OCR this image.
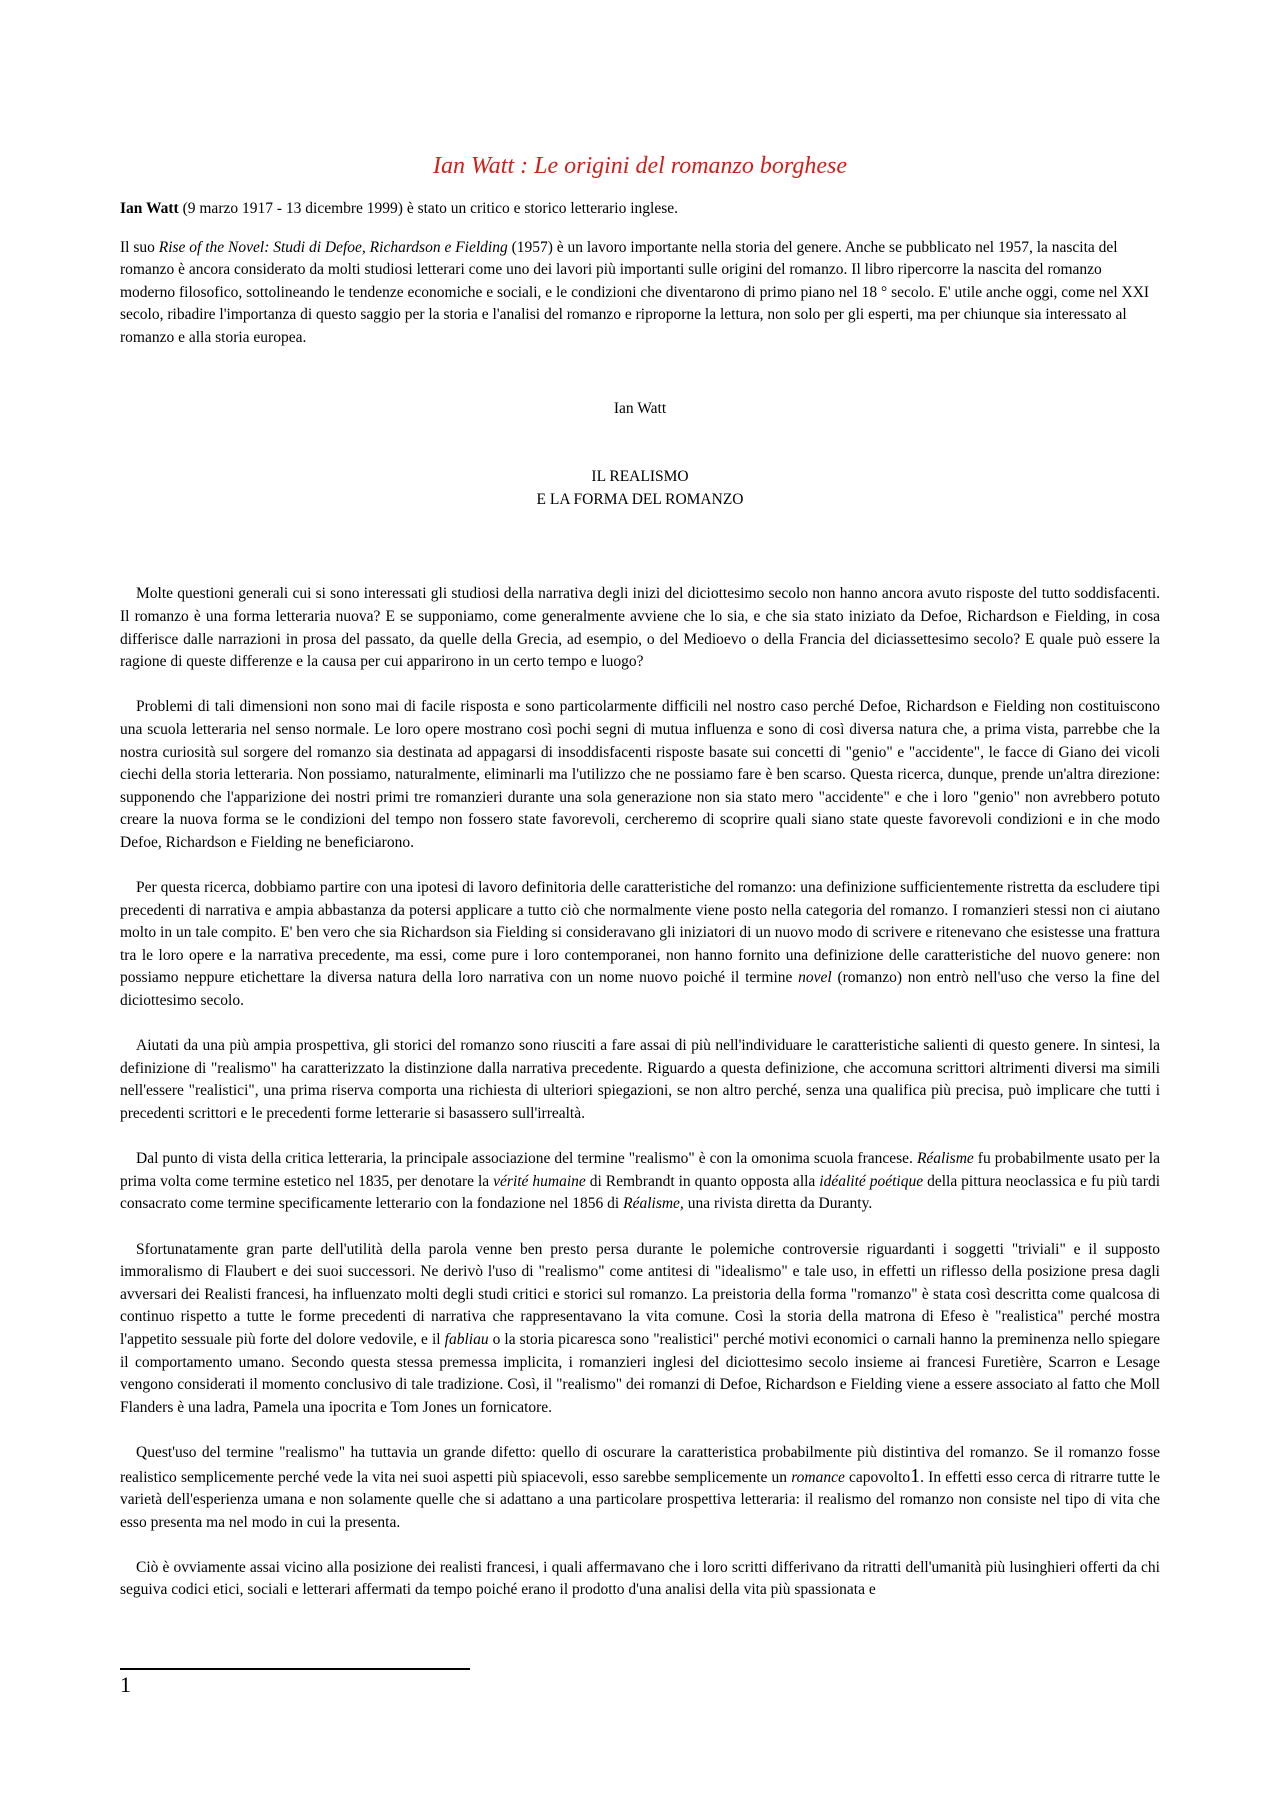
Ian Watt : Le origini del romanzo borghese

Ian Watt (9 marzo 1917 - 13 dicembre 1999) è stato un critico e storico letterario inglese.

Il suo Rise of the Novel: Studi di Defoe, Richardson e Fielding (1957) è un lavoro importante nella storia del genere. Anche se pubblicato nel 1957, la nascita del romanzo è ancora considerato da molti studiosi letterari come uno dei lavori più importanti sulle origini del romanzo. Il libro ripercorre la nascita del romanzo moderno filosofico, sottolineando le tendenze economiche e sociali, e le condizioni che diventarono di primo piano nel 18 ° secolo. E' utile anche oggi, come nel XXI secolo, ribadire l'importanza di questo saggio per la storia e l'analisi del romanzo e riproporne la lettura, non solo per gli esperti, ma per chiunque sia interessato al romanzo e alla storia europea.

Ian Watt

IL REALISMO
E LA FORMA DEL ROMANZO

Molte questioni generali cui si sono interessati gli studiosi della narrativa degli inizi del diciottesimo secolo non hanno ancora avuto risposte del tutto soddisfacenti. Il romanzo è una forma letteraria nuova? E se supponiamo, come generalmente avviene che lo sia, e che sia stato iniziato da Defoe, Richardson e Fielding, in cosa differisce dalle narrazioni in prosa del passato, da quelle della Grecia, ad esempio, o del Medioevo o della Francia del diciassettesimo secolo? E quale può essere la ragione di queste differenze e la causa per cui apparirono in un certo tempo e luogo?

Problemi di tali dimensioni non sono mai di facile risposta e sono particolarmente difficili nel nostro caso perché Defoe, Richardson e Fielding non costituiscono una scuola letteraria nel senso normale. Le loro opere mostrano così pochi segni di mutua influenza e sono di così diversa natura che, a prima vista, parrebbe che la nostra curiosità sul sorgere del romanzo sia destinata ad appagarsi di insoddisfacenti risposte basate sui concetti di "genio" e "accidente", le facce di Giano dei vicoli ciechi della storia letteraria. Non possiamo, naturalmente, eliminarli ma l'utilizzo che ne possiamo fare è ben scarso. Questa ricerca, dunque, prende un'altra direzione: supponendo che l'apparizione dei nostri primi tre romanzieri durante una sola generazione non sia stato mero "accidente" e che i loro "genio" non avrebbero potuto creare la nuova forma se le condizioni del tempo non fossero state favorevoli, cercheremo di scoprire quali siano state queste favorevoli condizioni e in che modo Defoe, Richardson e Fielding ne beneficiarono.

Per questa ricerca, dobbiamo partire con una ipotesi di lavoro definitoria delle caratteristiche del romanzo: una definizione sufficientemente ristretta da escludere tipi precedenti di narrativa e ampia abbastanza da potersi applicare a tutto ciò che normalmente viene posto nella categoria del romanzo. I romanzieri stessi non ci aiutano molto in un tale compito. E' ben vero che sia Richardson sia Fielding si consideravano gli iniziatori di un nuovo modo di scrivere e ritenevano che esistesse una frattura tra le loro opere e la narrativa precedente, ma essi, come pure i loro contemporanei, non hanno fornito una definizione delle caratteristiche del nuovo genere: non possiamo neppure etichettare la diversa natura della loro narrativa con un nome nuovo poiché il termine novel (romanzo) non entrò nell'uso che verso la fine del diciottesimo secolo.

Aiutati da una più ampia prospettiva, gli storici del romanzo sono riusciti a fare assai di più nell'individuare le caratteristiche salienti di questo genere. In sintesi, la definizione di "realismo" ha caratterizzato la distinzione dalla narrativa precedente. Riguardo a questa definizione, che accomuna scrittori altrimenti diversi ma simili nell'essere "realistici", una prima riserva comporta una richiesta di ulteriori spiegazioni, se non altro perché, senza una qualifica più precisa, può implicare che tutti i precedenti scrittori e le precedenti forme letterarie si basassero sull'irrealtà.

Dal punto di vista della critica letteraria, la principale associazione del termine "realismo" è con la omonima scuola francese. Réalisme fu probabilmente usato per la prima volta come termine estetico nel 1835, per denotare la vérité humaine di Rembrandt in quanto opposta alla idéalité poétique della pittura neoclassica e fu più tardi consacrato come termine specificamente letterario con la fondazione nel 1856 di Réalisme, una rivista diretta da Duranty.

Sfortunatamente gran parte dell'utilità della parola venne ben presto persa durante le polemiche controversie riguardanti i soggetti "triviali" e il supposto immoralismo di Flaubert e dei suoi successori. Ne derivò l'uso di "realismo" come antitesi di "idealismo" e tale uso, in effetti un riflesso della posizione presa dagli avversari dei Realisti francesi, ha influenzato molti degli studi critici e storici sul romanzo. La preistoria della forma "romanzo" è stata così descritta come qualcosa di continuo rispetto a tutte le forme precedenti di narrativa che rappresentavano la vita comune. Così la storia della matrona di Efeso è "realistica" perché mostra l'appetito sessuale più forte del dolore vedovile, e il fabliau o la storia picaresca sono "realistici" perché motivi economici o carnali hanno la preminenza nello spiegare il comportamento umano. Secondo questa stessa premessa implicita, i romanzieri inglesi del diciottesimo secolo insieme ai francesi Furetière, Scarron e Lesage vengono considerati il momento conclusivo di tale tradizione. Così, il "realismo" dei romanzi di Defoe, Richardson e Fielding viene a essere associato al fatto che Moll Flanders è una ladra, Pamela una ipocrita e Tom Jones un fornicatore.

Quest'uso del termine "realismo" ha tuttavia un grande difetto: quello di oscurare la caratteristica probabilmente più distintiva del romanzo. Se il romanzo fosse realistico semplicemente perché vede la vita nei suoi aspetti più spiacevoli, esso sarebbe semplicemente un romance capovolto1. In effetti esso cerca di ritrarre tutte le varietà dell'esperienza umana e non solamente quelle che si adattano a una particolare prospettiva letteraria: il realismo del romanzo non consiste nel tipo di vita che esso presenta ma nel modo in cui la presenta.

Ciò è ovviamente assai vicino alla posizione dei realisti francesi, i quali affermavano che i loro scritti differivano da ritratti dell'umanità più lusinghieri offerti da chi seguiva codici etici, sociali e letterari affermati da tempo poiché erano il prodotto d'una analisi della vita più spassionata e

1
